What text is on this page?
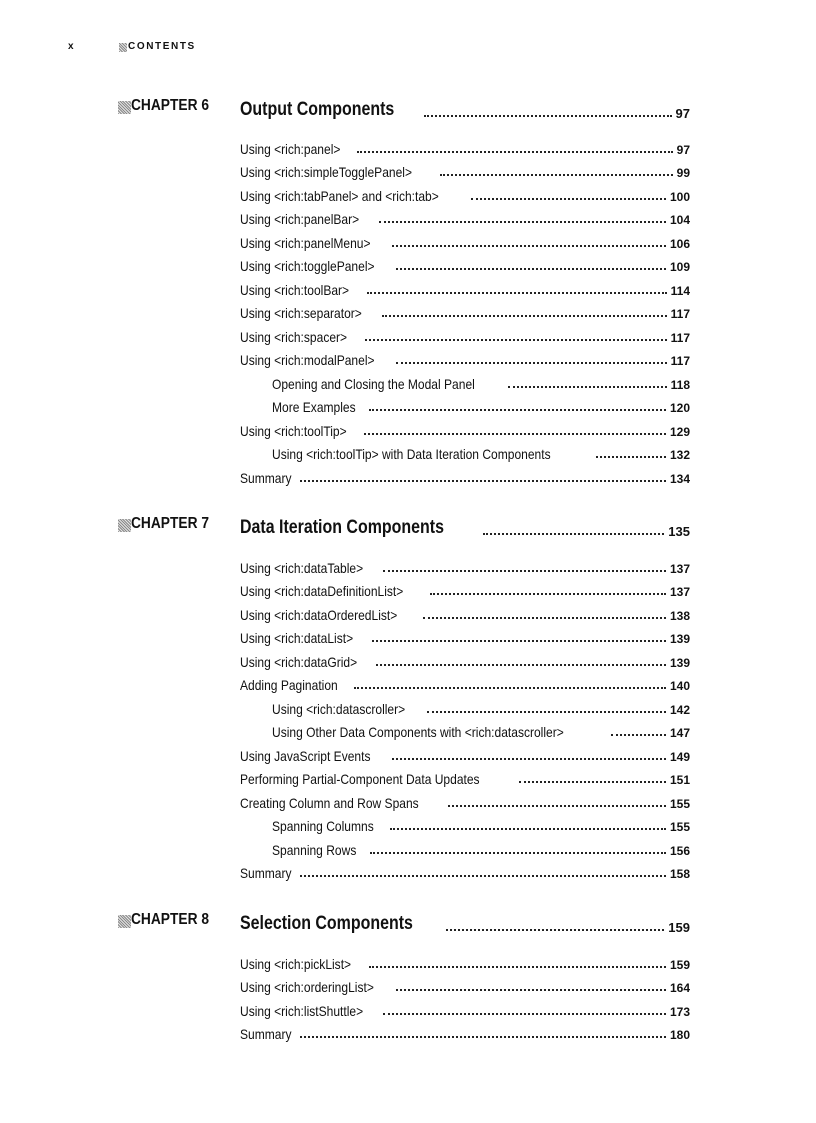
x	CONTENTS
CHAPTER 6 Output Components	97
Using <rich:panel>	97
Using <rich:simpleTogglePanel>	99
Using <rich:tabPanel> and <rich:tab>	100
Using <rich:panelBar>	104
Using <rich:panelMenu>	106
Using <rich:togglePanel>	109
Using <rich:toolBar>	114
Using <rich:separator>	117
Using <rich:spacer>	117
Using <rich:modalPanel>	117
Opening and Closing the Modal Panel	118
More Examples	120
Using <rich:toolTip>	129
Using <rich:toolTip> with Data Iteration Components	132
Summary	134
CHAPTER 7 Data Iteration Components	135
Using <rich:dataTable>	137
Using <rich:dataDefinitionList>	137
Using <rich:dataOrderedList>	138
Using <rich:dataList>	139
Using <rich:dataGrid>	139
Adding Pagination	140
Using <rich:datascroller>	142
Using Other Data Components with <rich:datascroller>	147
Using JavaScript Events	149
Performing Partial-Component Data Updates	151
Creating Column and Row Spans	155
Spanning Columns	155
Spanning Rows	156
Summary	158
CHAPTER 8 Selection Components	159
Using <rich:pickList>	159
Using <rich:orderingList>	164
Using <rich:listShuttle>	173
Summary	180
